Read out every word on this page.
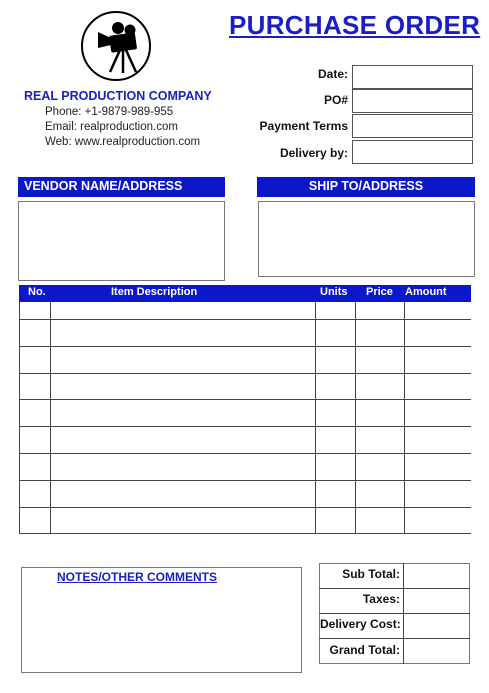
PURCHASE ORDER
REAL PRODUCTION COMPANY
Phone: +1-9879-989-955
Email: realproduction.com
Web: www.realproduction.com
Date:
PO#
Payment Terms
Delivery by:
VENDOR NAME/ADDRESS	SHIP TO/ADDRESS
No.	Item Description	Units Price Amount
NOTES/OTHER COMMENTS	Sub Total:
Taxes:
Delivery Cost:
Grand Total:
